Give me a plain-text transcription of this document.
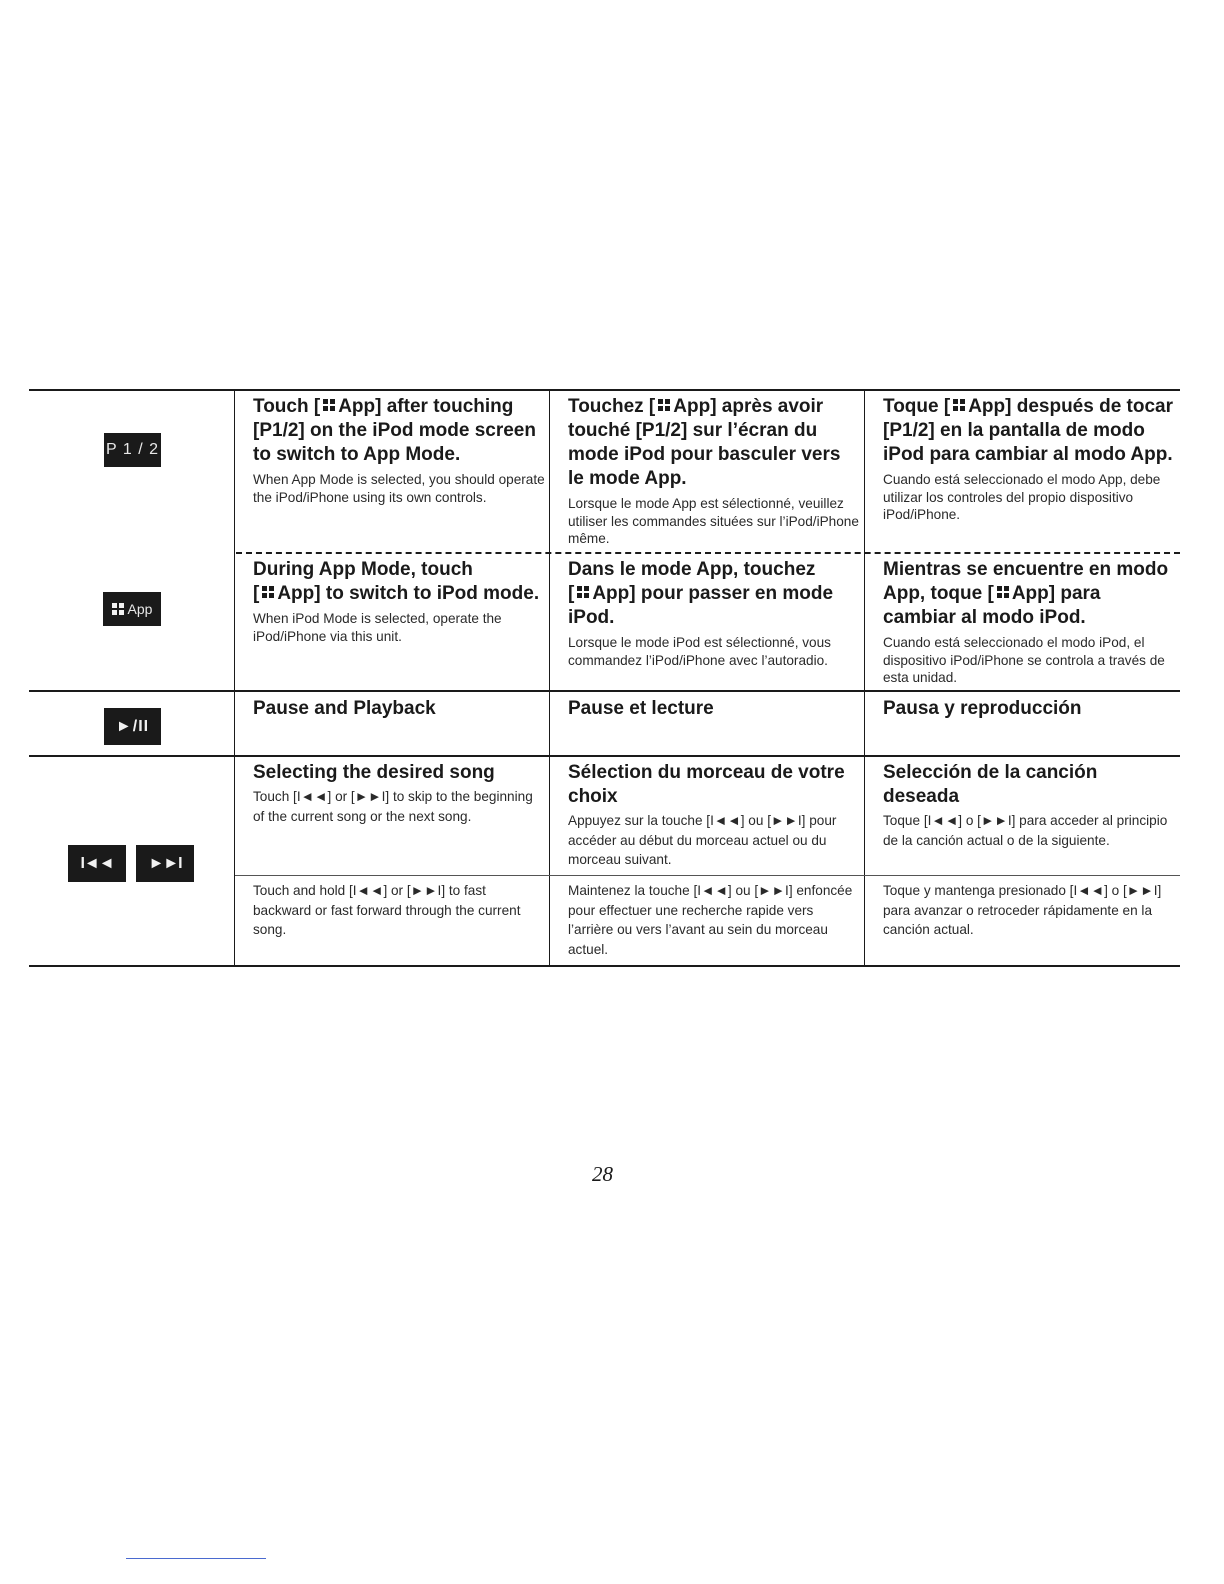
P 1 / 2
App
►/II
I◄◄ ►►I

Touch [ App] after touching [P1/2] on the iPod mode screen to switch to App Mode.

When App Mode is selected, you should operate the iPod/iPhone using its own controls.

Touchez [ App] après avoir touché [P1/2] sur l’écran du mode iPod pour basculer vers le mode App.

Lorsque le mode App est sélectionné, veuillez utiliser les commandes situées sur l’iPod/iPhone même.

Toque [ App] después de tocar [P1/2] en la pantalla de modo iPod para cambiar al modo App.

Cuando está seleccionado el modo App, debe utilizar los controles del propio dispositivo iPod/iPhone.

During App Mode, touch
[ App] to switch to iPod mode.

When iPod Mode is selected, operate the iPod/iPhone via this unit.

Dans le mode App, touchez
[ App] pour passer en mode iPod.

Lorsque le mode iPod est sélectionné, vous commandez l’iPod/iPhone avec l’autoradio.

Mientras se encuentre en modo App, toque [ App] para cambiar al modo iPod.

Cuando está seleccionado el modo iPod, el dispositivo iPod/iPhone se controla a través de esta unidad.

Pause and Playback	Pause et lecture	Pausa y reproducción

Selecting the desired song

Touch [I◄◄] or [►►I] to skip to the beginning of the current song or the next song.

Sélection du morceau de votre choix

Appuyez sur la touche [I◄◄] ou [►►I] pour accéder au début du morceau actuel ou du morceau suivant.

Selección de la canción deseada

Toque [I◄◄] o [►►I] para acceder al principio de la canción actual o de la siguiente.

Touch and hold [I◄◄] or [►►I] to fast backward or fast forward through the current song.

Maintenez la touche [I◄◄] ou [►►I] enfoncée pour effectuer une recherche rapide vers l’arrière ou vers l’avant au sein du morceau actuel.

Toque y mantenga presionado [I◄◄] o [►►I] para avanzar o retroceder rápidamente en la canción actual.

28
